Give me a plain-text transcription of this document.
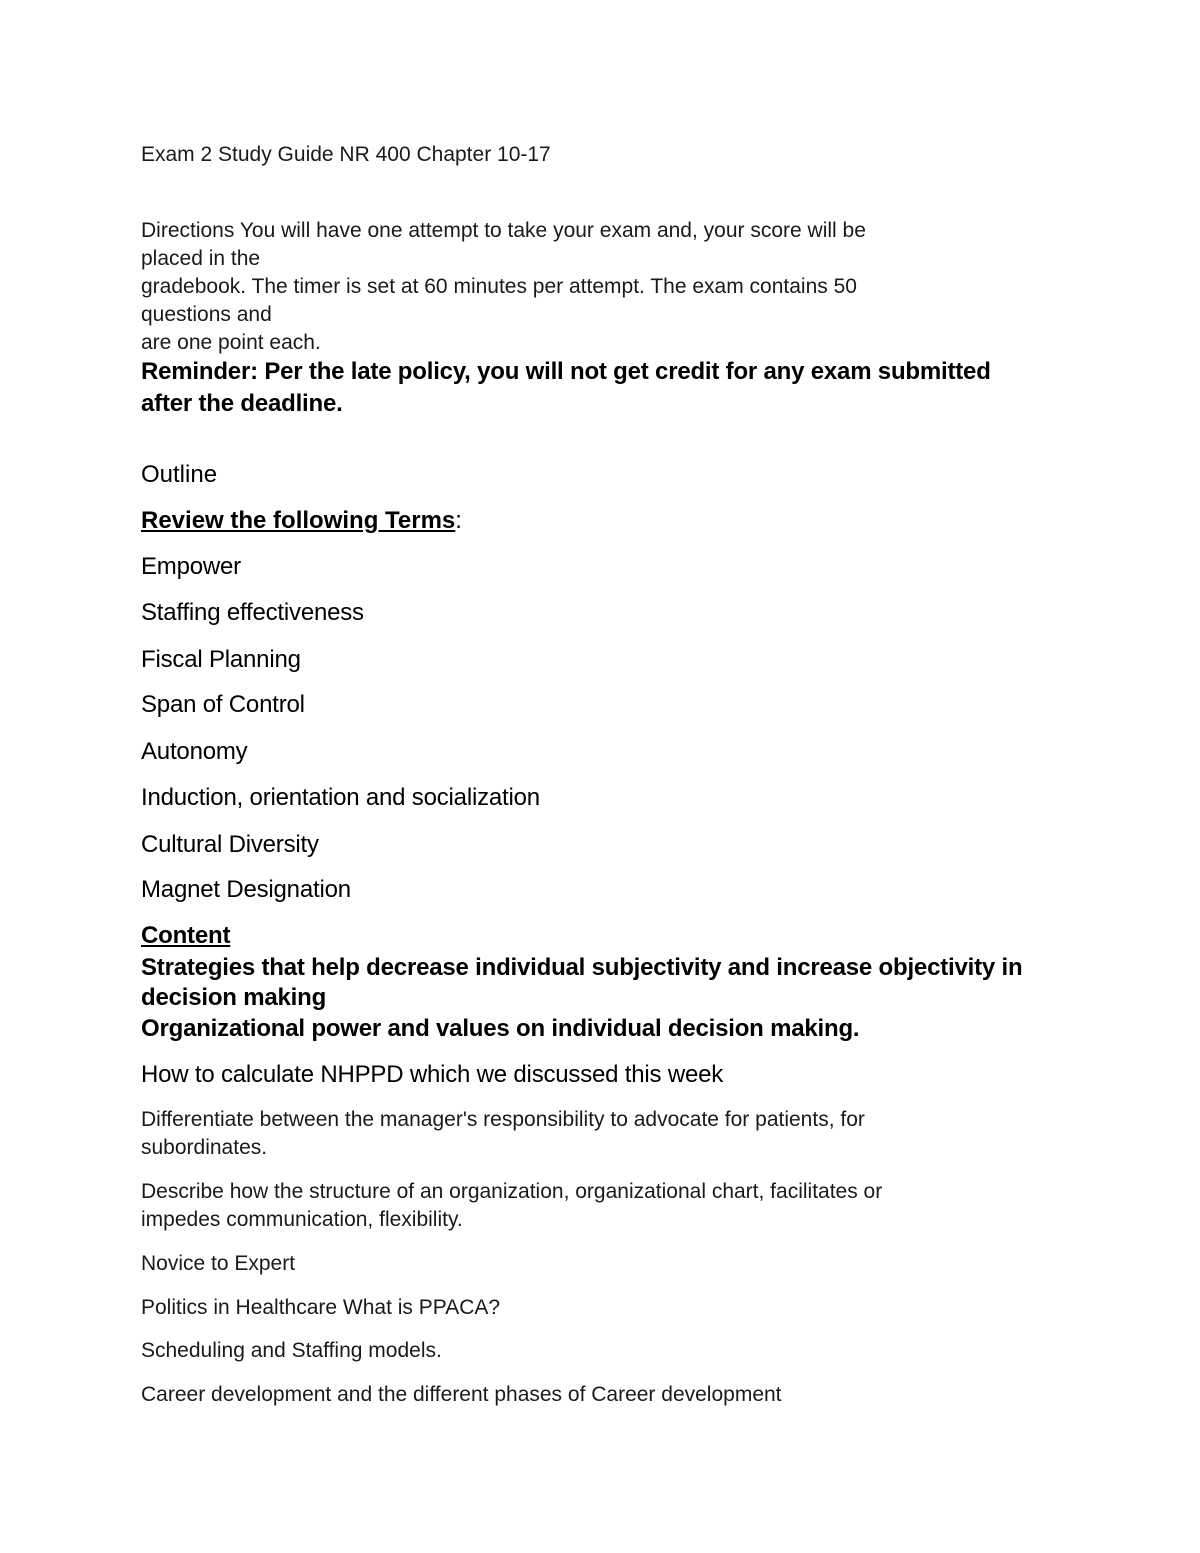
Exam 2 Study Guide NR 400 Chapter 10-17

Directions You will have one attempt to take your exam and, your score will be

placed in the

gradebook. The timer is set at 60 minutes per attempt. The exam contains 50

questions and

are one point each.

Reminder: Per the late policy, you will not get credit for any exam submitted

after the deadline.

Outline

Review the following Terms:

Empower

Staffing effectiveness

Fiscal Planning

Span of Control

Autonomy

Induction, orientation and socialization

Cultural Diversity

Magnet Designation

Content

Strategies that help decrease individual subjectivity and increase objectivity in

decision making

Organizational power and values on individual decision making.

How to calculate NHPPD which we discussed this week

Differentiate between the manager's responsibility to advocate for patients, for

subordinates.

Describe how the structure of an organization, organizational chart, facilitates or

impedes communication, flexibility.

Novice to Expert

Politics in Healthcare What is PPACA?

Scheduling and Staffing models.

Career development and the different phases of Career development
